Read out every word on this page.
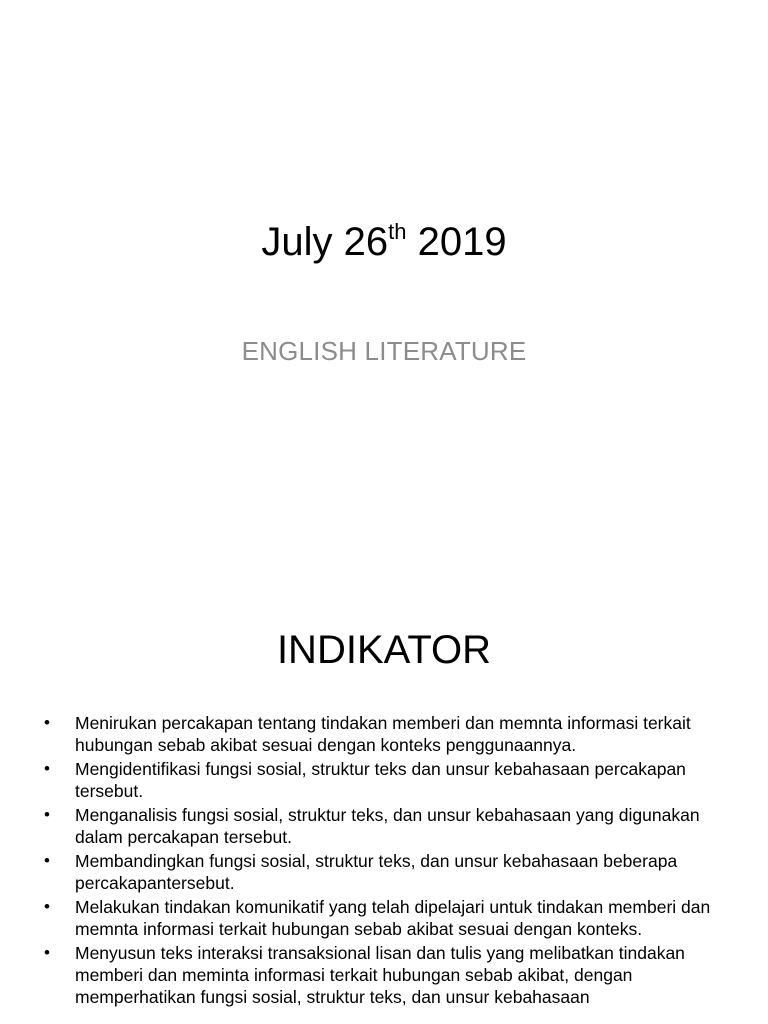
July 26th 2019
ENGLISH LITERATURE
INDIKATOR
•	Menirukan percakapan tentang tindakan memberi dan memnta informasi terkait hubungan sebab akibat sesuai dengan konteks penggunaannya.
•	Mengidentifikasi fungsi sosial, struktur teks dan unsur kebahasaan percakapan tersebut.
•	Menganalisis fungsi sosial, struktur teks, dan unsur kebahasaan yang digunakan dalam percakapan tersebut.
•	Membandingkan fungsi sosial, struktur teks, dan unsur kebahasaan beberapa percakapantersebut.
•	Melakukan tindakan komunikatif yang telah dipelajari untuk tindakan memberi dan memnta informasi terkait hubungan sebab akibat sesuai dengan konteks.
•	Menyusun teks interaksi transaksional lisan dan tulis yang melibatkan tindakan memberi dan meminta informasi terkait hubungan sebab akibat, dengan memperhatikan fungsi sosial, struktur teks, dan unsur kebahasaan
